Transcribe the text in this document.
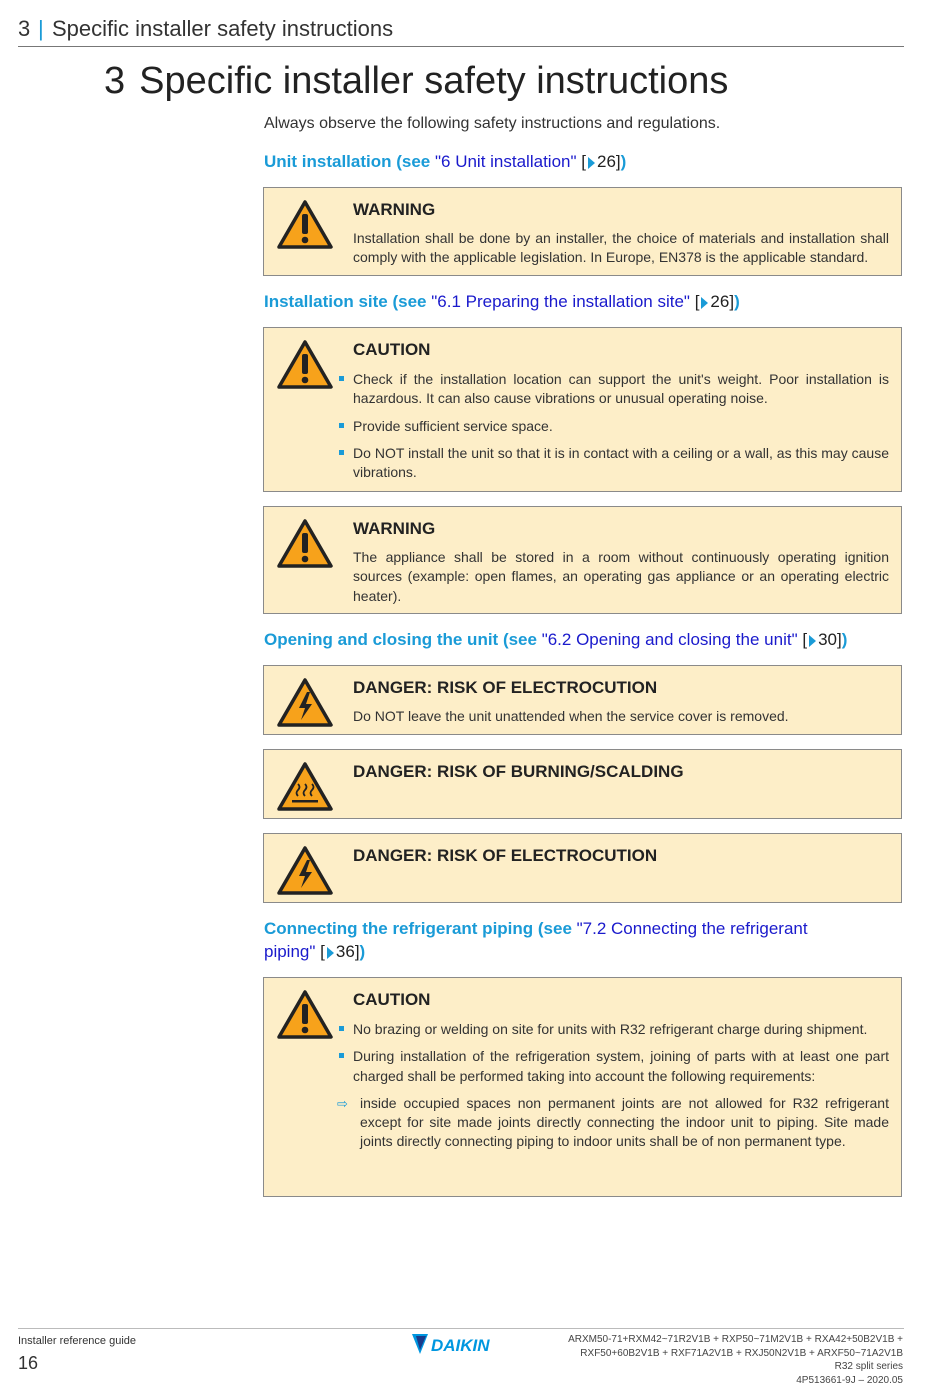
3 | Specific installer safety instructions
3 Specific installer safety instructions
Always observe the following safety instructions and regulations.
Unit installation (see "6 Unit installation" [ 26])
WARNING
Installation shall be done by an installer, the choice of materials and installation shall comply with the applicable legislation. In Europe, EN378 is the applicable standard.
Installation site (see "6.1 Preparing the installation site" [ 26])
CAUTION
Check if the installation location can support the unit's weight. Poor installation is hazardous. It can also cause vibrations or unusual operating noise.
Provide sufficient service space.
Do NOT install the unit so that it is in contact with a ceiling or a wall, as this may cause vibrations.
WARNING
The appliance shall be stored in a room without continuously operating ignition sources (example: open flames, an operating gas appliance or an operating electric heater).
Opening and closing the unit (see "6.2 Opening and closing the unit" [ 30])
DANGER: RISK OF ELECTROCUTION
Do NOT leave the unit unattended when the service cover is removed.
DANGER: RISK OF BURNING/SCALDING
DANGER: RISK OF ELECTROCUTION
Connecting the refrigerant piping (see "7.2 Connecting the refrigerant piping" [ 36])
CAUTION
No brazing or welding on site for units with R32 refrigerant charge during shipment.
During installation of the refrigeration system, joining of parts with at least one part charged shall be performed taking into account the following requirements:
⇨ inside occupied spaces non permanent joints are not allowed for R32 refrigerant except for site made joints directly connecting the indoor unit to piping. Site made joints directly connecting piping to indoor units shall be of non permanent type.
Installer reference guide
16
DAIKIN	ARXM50-71+RXM42~71R2V1B + RXP50~71M2V1B + RXA42+50B2V1B +
RXF50+60B2V1B + RXF71A2V1B + RXJ50N2V1B + ARXF50~71A2V1B
R32 split series
4P513661-9J – 2020.05
